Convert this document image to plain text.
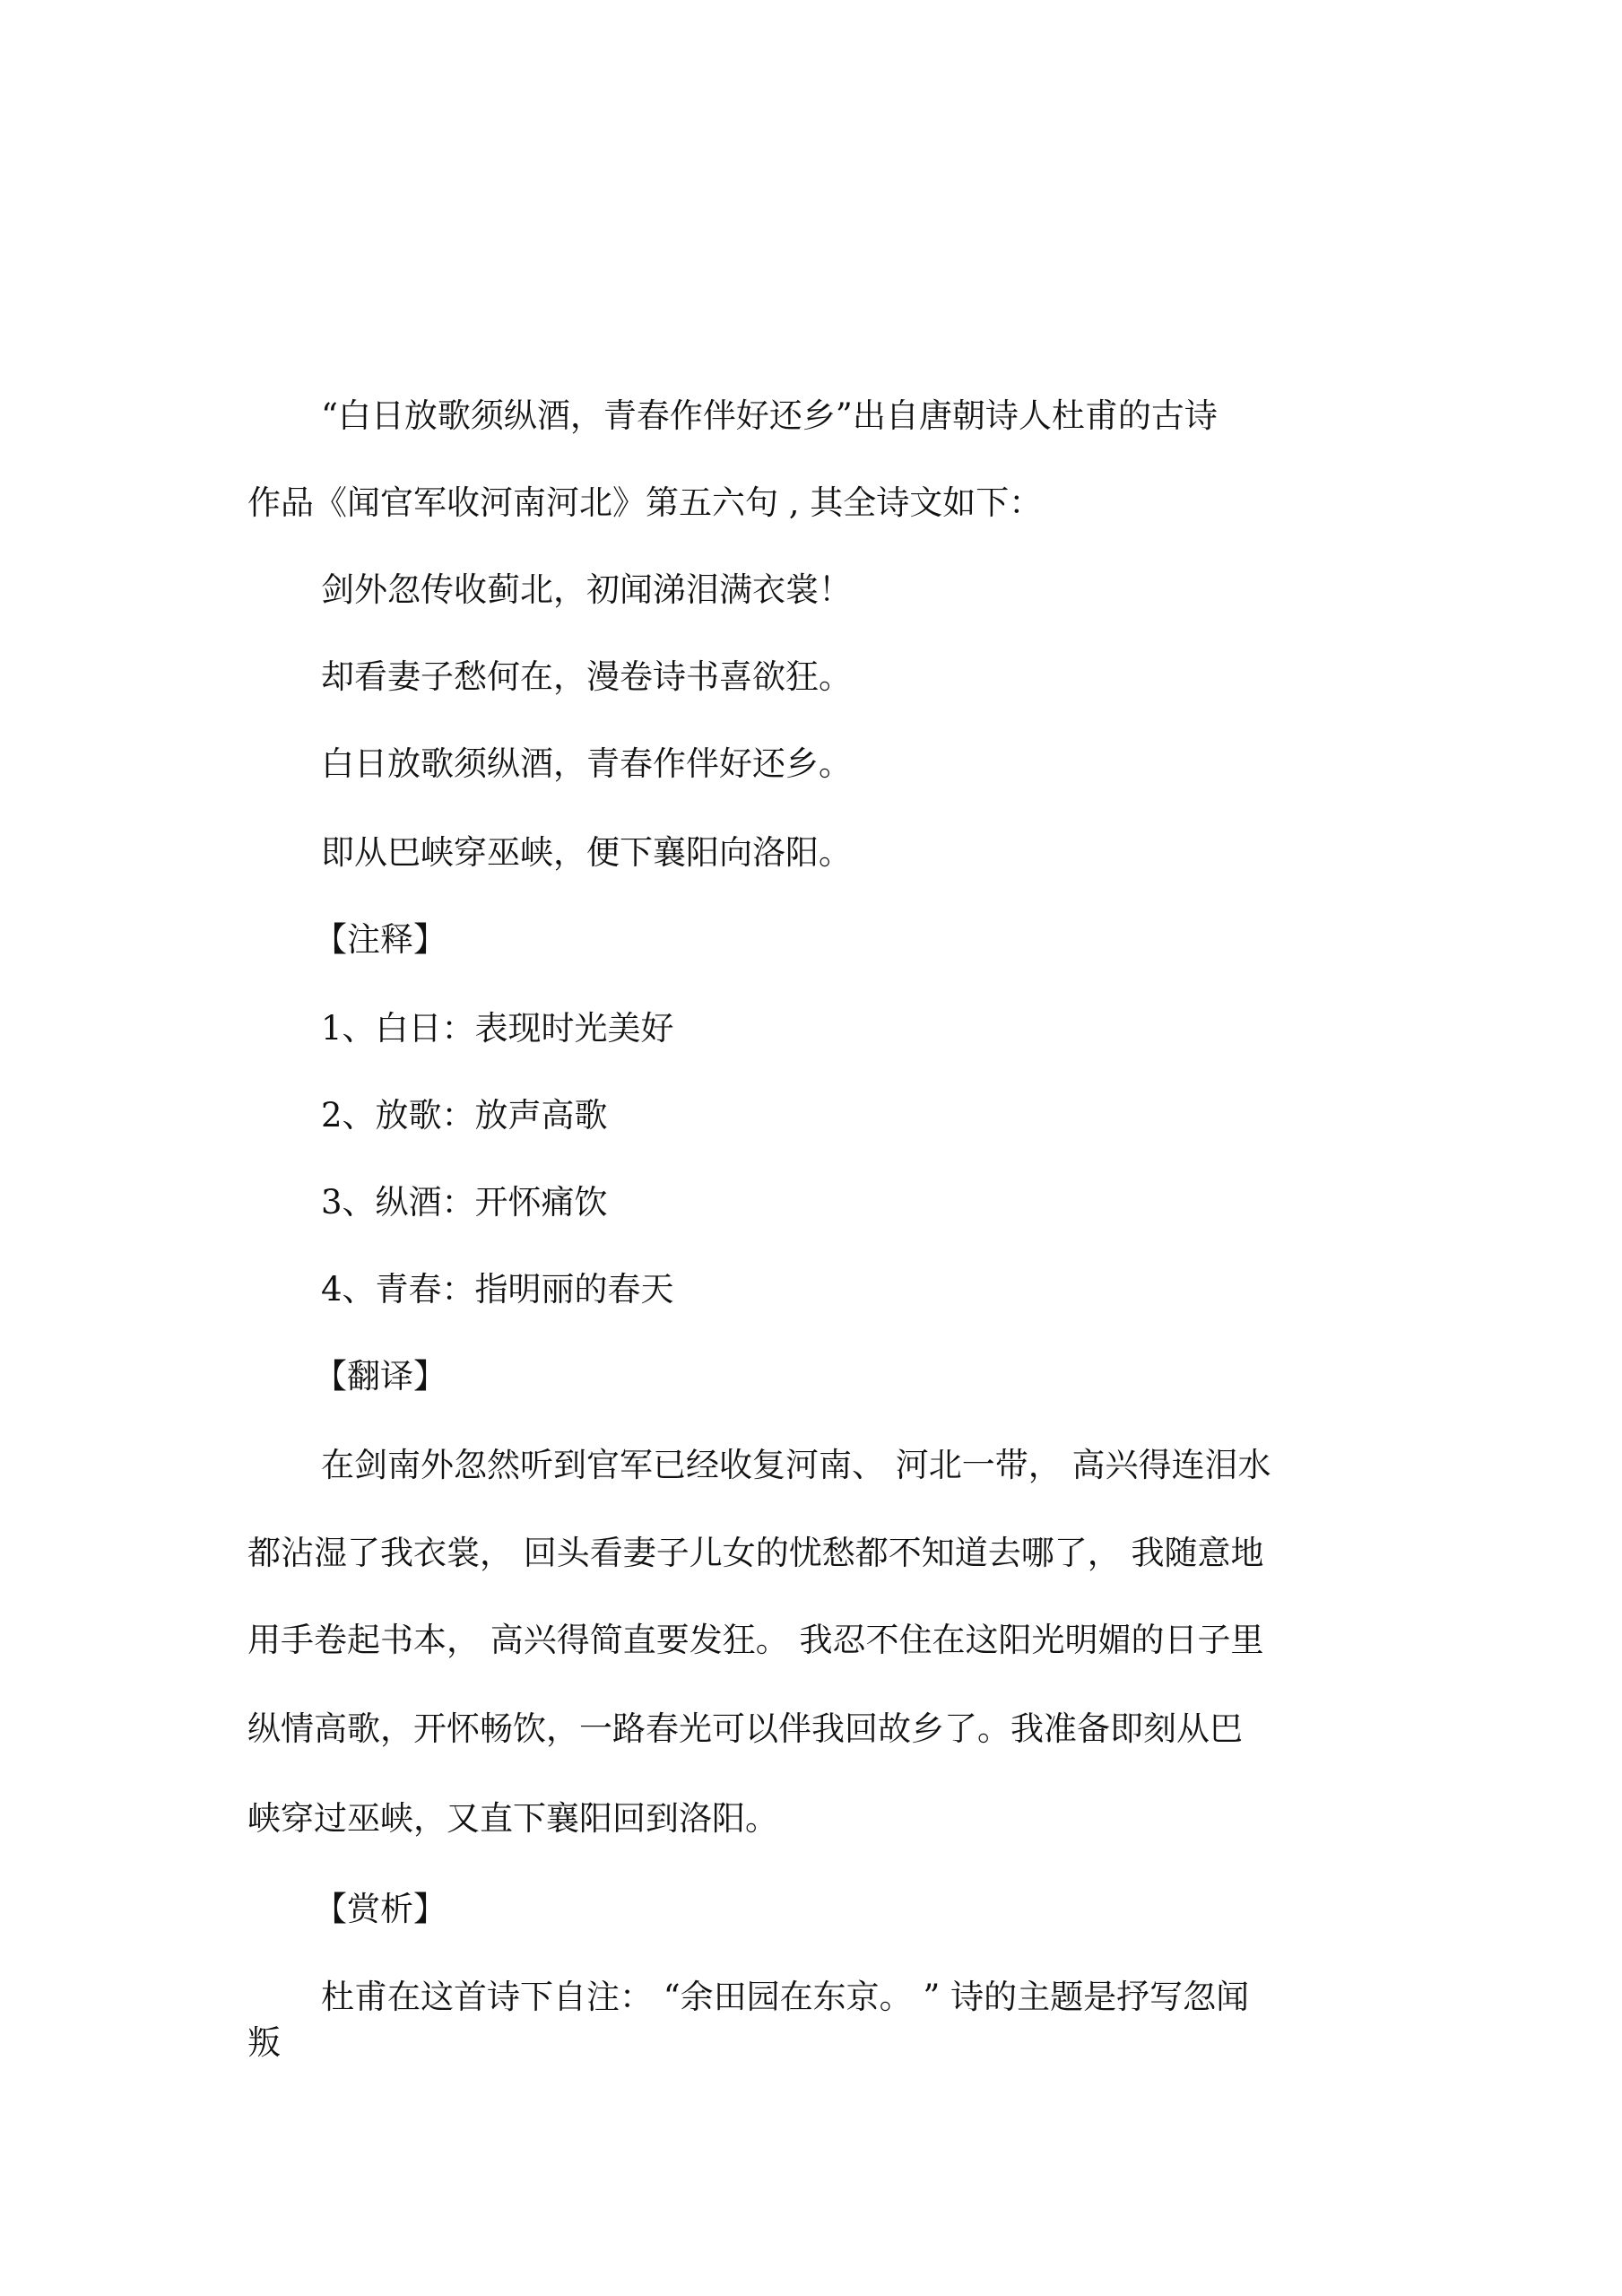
“白日放歌须纵酒，青春作伴好还乡”出自唐朝诗人杜甫的古诗

作品《闻官军收河南河北》第五六句 , 其全诗文如下：

剑外忽传收蓟北，初闻涕泪满衣裳！

却看妻子愁何在，漫卷诗书喜欲狂。

白日放歌须纵酒，青春作伴好还乡。

即从巴峡穿巫峡，便下襄阳向洛阳。

【注释】

1、白日：表现时光美好

2、放歌：放声高歌

3、纵酒：开怀痛饮

4、青春：指明丽的春天

【翻译】

在剑南外忽然听到官军已经收复河南、 河北一带， 高兴得连泪水

都沾湿了我衣裳， 回头看妻子儿女的忧愁都不知道去哪了， 我随意地

用手卷起书本， 高兴得简直要发狂。 我忍不住在这阳光明媚的日子里

纵情高歌，开怀畅饮，一路春光可以伴我回故乡了。我准备即刻从巴

峡穿过巫峡，又直下襄阳回到洛阳。

【赏析】

杜甫在这首诗下自注： “余田园在东京。 ” 诗的主题是抒写忽闻

叛
